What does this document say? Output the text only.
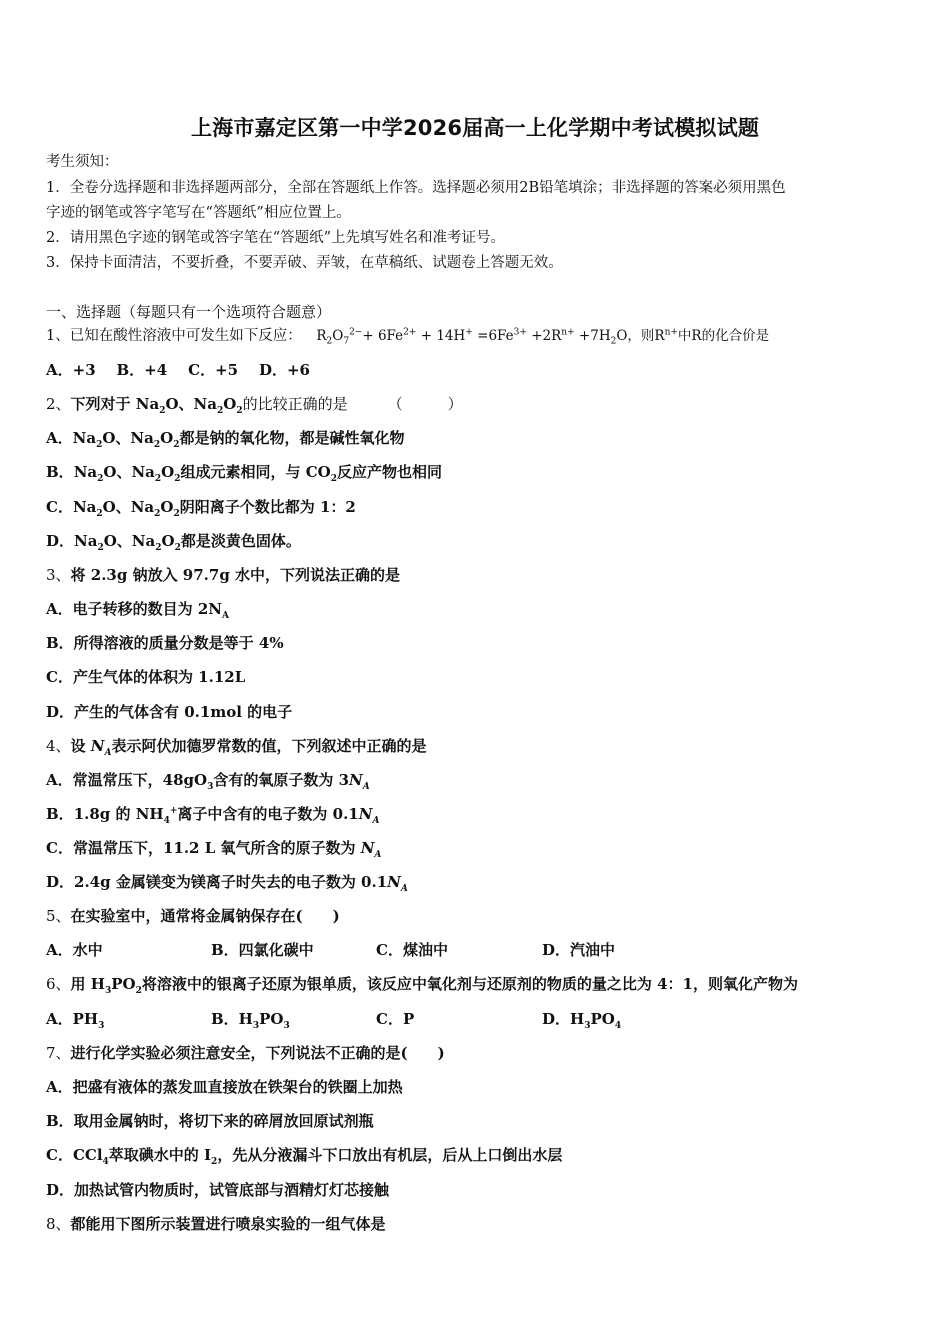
上海市嘉定区第一中学2026届高一上化学期中考试模拟试题
考生须知：
1．全卷分选择题和非选择题两部分，全部在答题纸上作答。选择题必须用2B铅笔填涂；非选择题的答案必须用黑色
字迹的钢笔或答字笔写在“答题纸”相应位置上。
2．请用黑色字迹的钢笔或答字笔在“答题纸”上先填写姓名和准考证号。
3．保持卡面清洁，不要折叠，不要弄破、弄皱，在草稿纸、试题卷上答题无效。
一、选择题（每题只有一个选项符合题意）
1、已知在酸性溶液中可发生如下反应： $R_2O_7^{2-}+ 6Fe^{2+} + 14H^+ =6Fe^{3+} +2R^{n+} +7H_2O$，则$R^{n+}$中R的化合价是
A．+3 B．+4 C．+5 D．+6
2、下列对于 $Na_2O$、$Na_2O_2$的比较正确的是	（　　　）
A．$Na_2O$、$Na_2O_2$都是钠的氧化物，都是碱性氧化物
B．$Na_2O$、$Na_2O_2$组成元素相同，与 $CO_2$反应产物也相同
C．$Na_2O$、$Na_2O_2$阴阳离子个数比都为 1：2
D．$Na_2O$、$Na_2O_2$都是淡黄色固体。
3、将 2.3g 钠放入 97.7g 水中，下列说法正确的是
A．电子转移的数目为 $2N_A$
B．所得溶液的质量分数是等于 4%
C．产生气体的体积为 1.12L
D．产生的气体含有 0.1mol 的电子
4、设 $N_A$表示阿伏加德罗常数的值，下列叙述中正确的是
A．常温常压下，$48gO_3$含有的氧原子数为 $3N_A$
B．1.8g 的 $NH_4^+$离子中含有的电子数为 $0.1N_A$
C．常温常压下，11.2 L 氧气所含的原子数为 $N_A$
D．2.4g 金属镁变为镁离子时失去的电子数为 $0.1N_A$
5、在实验室中，通常将金属钠保存在(　　)
A．水中	B．四氯化碳中	C．煤油中	D．汽油中
6、用 $H_3PO_2$将溶液中的银离子还原为银单质，该反应中氧化剂与还原剂的物质的量之比为 4：1，则氧化产物为
A．$PH_3$	B．$H_3PO_3$	C．P	D．$H_3PO_4$
7、进行化学实验必须注意安全，下列说法不正确的是(　　)
A．把盛有液体的蒸发皿直接放在铁架台的铁圈上加热
B．取用金属钠时，将切下来的碎屑放回原试剂瓶
C．CCl$_4$萃取碘水中的 $I_2$，先从分液漏斗下口放出有机层，后从上口倒出水层
D．加热试管内物质时，试管底部与酒精灯灯芯接触
8、都能用下图所示装置进行喷泉实验的一组气体是
